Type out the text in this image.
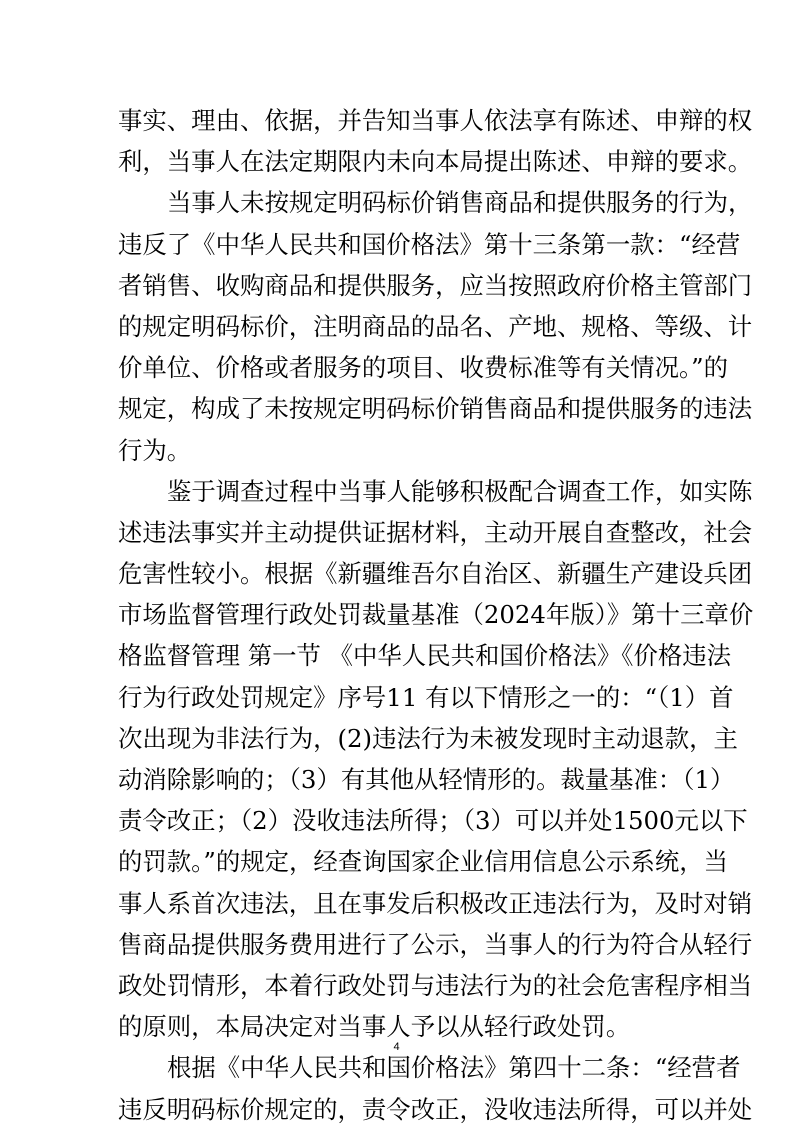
事实、理由、依据，并告知当事人依法享有陈述、申辩的权
利，当事人在法定期限内未向本局提出陈述、申辩的要求。
当事人未按规定明码标价销售商品和提供服务的行为，
违反了《中华人民共和国价格法》第十三条第一款：“经营
者销售、收购商品和提供服务，应当按照政府价格主管部门
的规定明码标价，注明商品的品名、产地、规格、等级、计
价单位、价格或者服务的项目、收费标准等有关情况。”的
规定，构成了未按规定明码标价销售商品和提供服务的违法
行为。
鉴于调查过程中当事人能够积极配合调查工作，如实陈
述违法事实并主动提供证据材料，主动开展自查整改，社会
危害性较小。根据《新疆维吾尔自治区、新疆生产建设兵团
市场监督管理行政处罚裁量基准（2024年版）》第十三章价
格监督管理 第一节 《中华人民共和国价格法》《价格违法
行为行政处罚规定》序号11 有以下情形之一的：“（1）首
次出现为非法行为，(2)违法行为未被发现时主动退款，主
动消除影响的；（3）有其他从轻情形的。裁量基准：（1）
责令改正；（2）没收违法所得；（3）可以并处1500元以下
的罚款。”的规定，经查询国家企业信用信息公示系统，当
事人系首次违法，且在事发后积极改正违法行为，及时对销
售商品提供服务费用进行了公示，当事人的行为符合从轻行
政处罚情形，本着行政处罚与违法行为的社会危害程序相当
的原则，本局决定对当事人予以从轻行政处罚。
根据《中华人民共和国价格法》第四十二条：“经营者
违反明码标价规定的，责令改正，没收违法所得，可以并处
4
